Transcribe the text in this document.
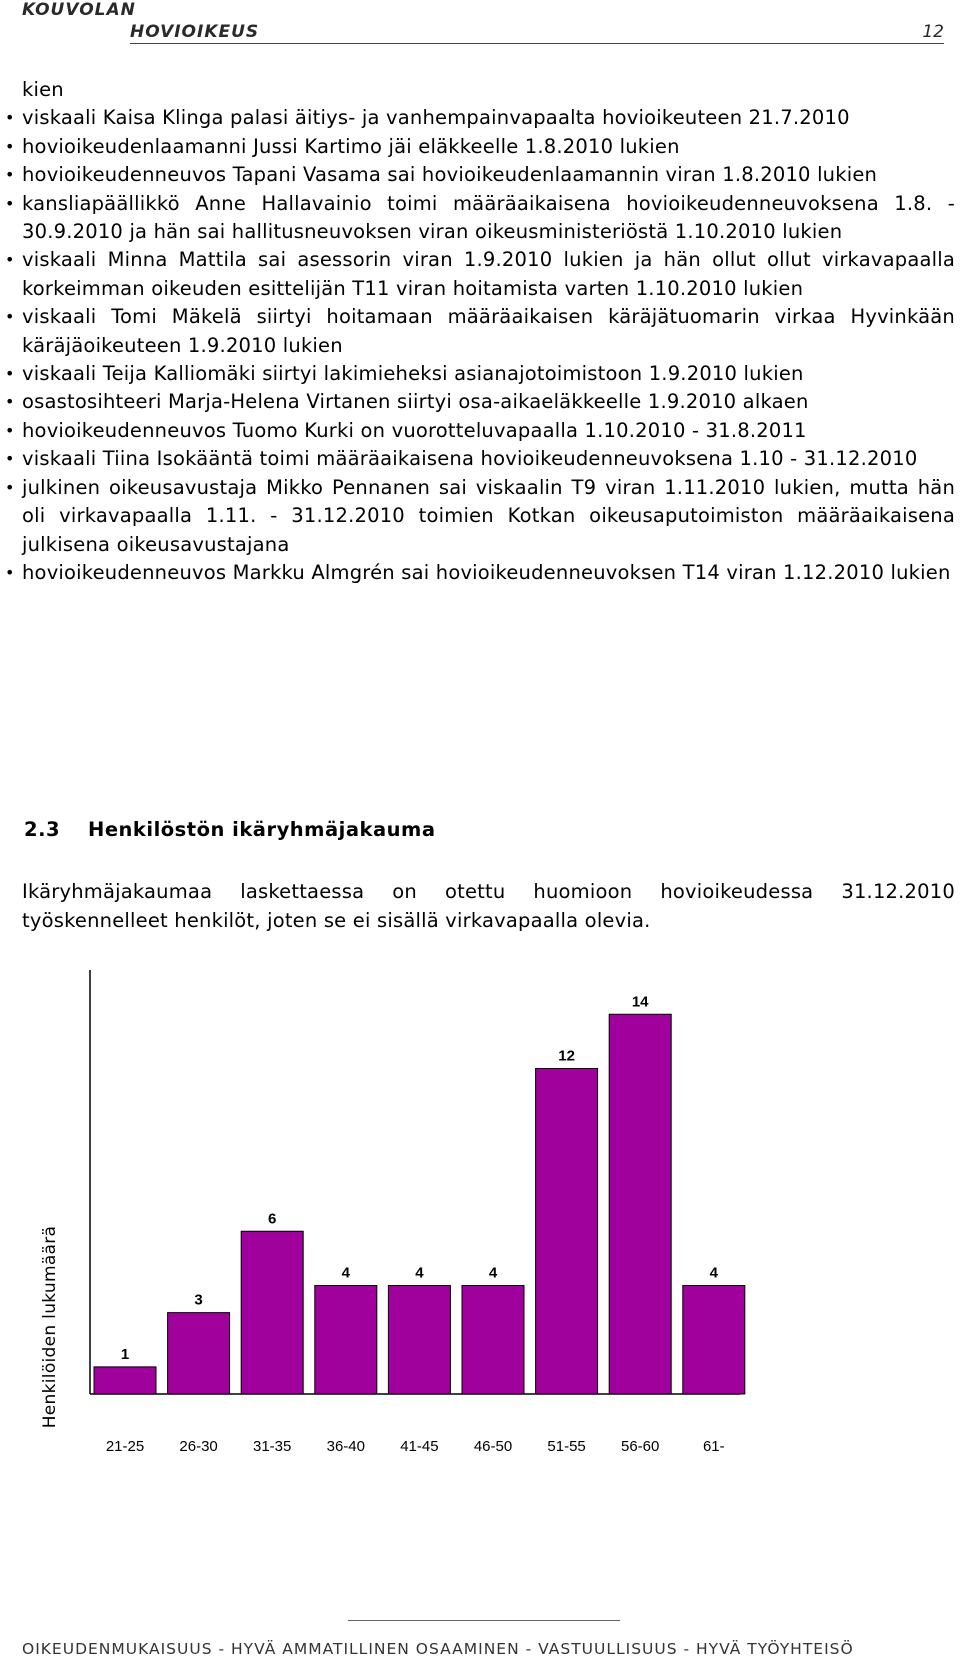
KOUVOLAN

HOVIOIKEUS	12

kien

• viskaali Kaisa Klinga palasi äitiys- ja vanhempainvapaalta hovioikeuteen 21.7.2010
• hovioikeudenlaamanni Jussi Kartimo jäi eläkkeelle 1.8.2010 lukien
• hovioikeudenneuvos Tapani Vasama sai hovioikeudenlaamannin viran 1.8.2010 lukien
• kansliapäällikkö Anne Hallavainio toimi määräaikaisena hovioikeudenneuvoksena 1.8. - 30.9.2010 ja hän sai hallitusneuvoksen viran oikeusministeriöstä 1.10.2010 lukien
• viskaali Minna Mattila sai asessorin viran 1.9.2010 lukien ja hän ollut ollut virkavapaalla korkeimman oikeuden esittelijän T11 viran hoitamista varten 1.10.2010 lukien
• viskaali Tomi Mäkelä siirtyi hoitamaan määräaikaisen käräjätuomarin virkaa Hyvinkään käräjäoikeuteen 1.9.2010 lukien
• viskaali Teija Kalliomäki siirtyi lakimieheksi asianajotoimistoon 1.9.2010 lukien
• osastosihteeri Marja-Helena Virtanen siirtyi osa-aikaeläkkeelle 1.9.2010 alkaen
• hovioikeudenneuvos Tuomo Kurki on vuorotteluvapaalla 1.10.2010 - 31.8.2011
• viskaali Tiina Isokääntä toimi määräaikaisena hovioikeudenneuvoksena 1.10 - 31.12.2010
• julkinen oikeusavustaja Mikko Pennanen sai viskaalin T9 viran 1.11.2010 lukien, mutta hän oli virkavapaalla 1.11. - 31.12.2010 toimien Kotkan oikeusaputoimiston määräaikaisena julkisena oikeusavustajana
• hovioikeudenneuvos Markku Almgrén sai hovioikeudenneuvoksen T14 viran 1.12.2010 lukien
2.3 Henkilöstön ikäryhmäjakauma

Ikäryhmäjakaumaa laskettaessa on otettu huomioon hovioikeudessa 31.12.2010 työskennelleet henkilöt, joten se ei sisällä virkavapaalla olevia.

1
21-25
3
26-30
6
31-35
4
36-40
4
41-45
4
46-50
12
51-55
14
56-60
4
61-
Henkilöiden lukumäärä

OIKEUDENMUKAISUUS - HYVÄ AMMATILLINEN OSAAMINEN - VASTUULLISUUS - HYVÄ TYÖYHTEISÖ
